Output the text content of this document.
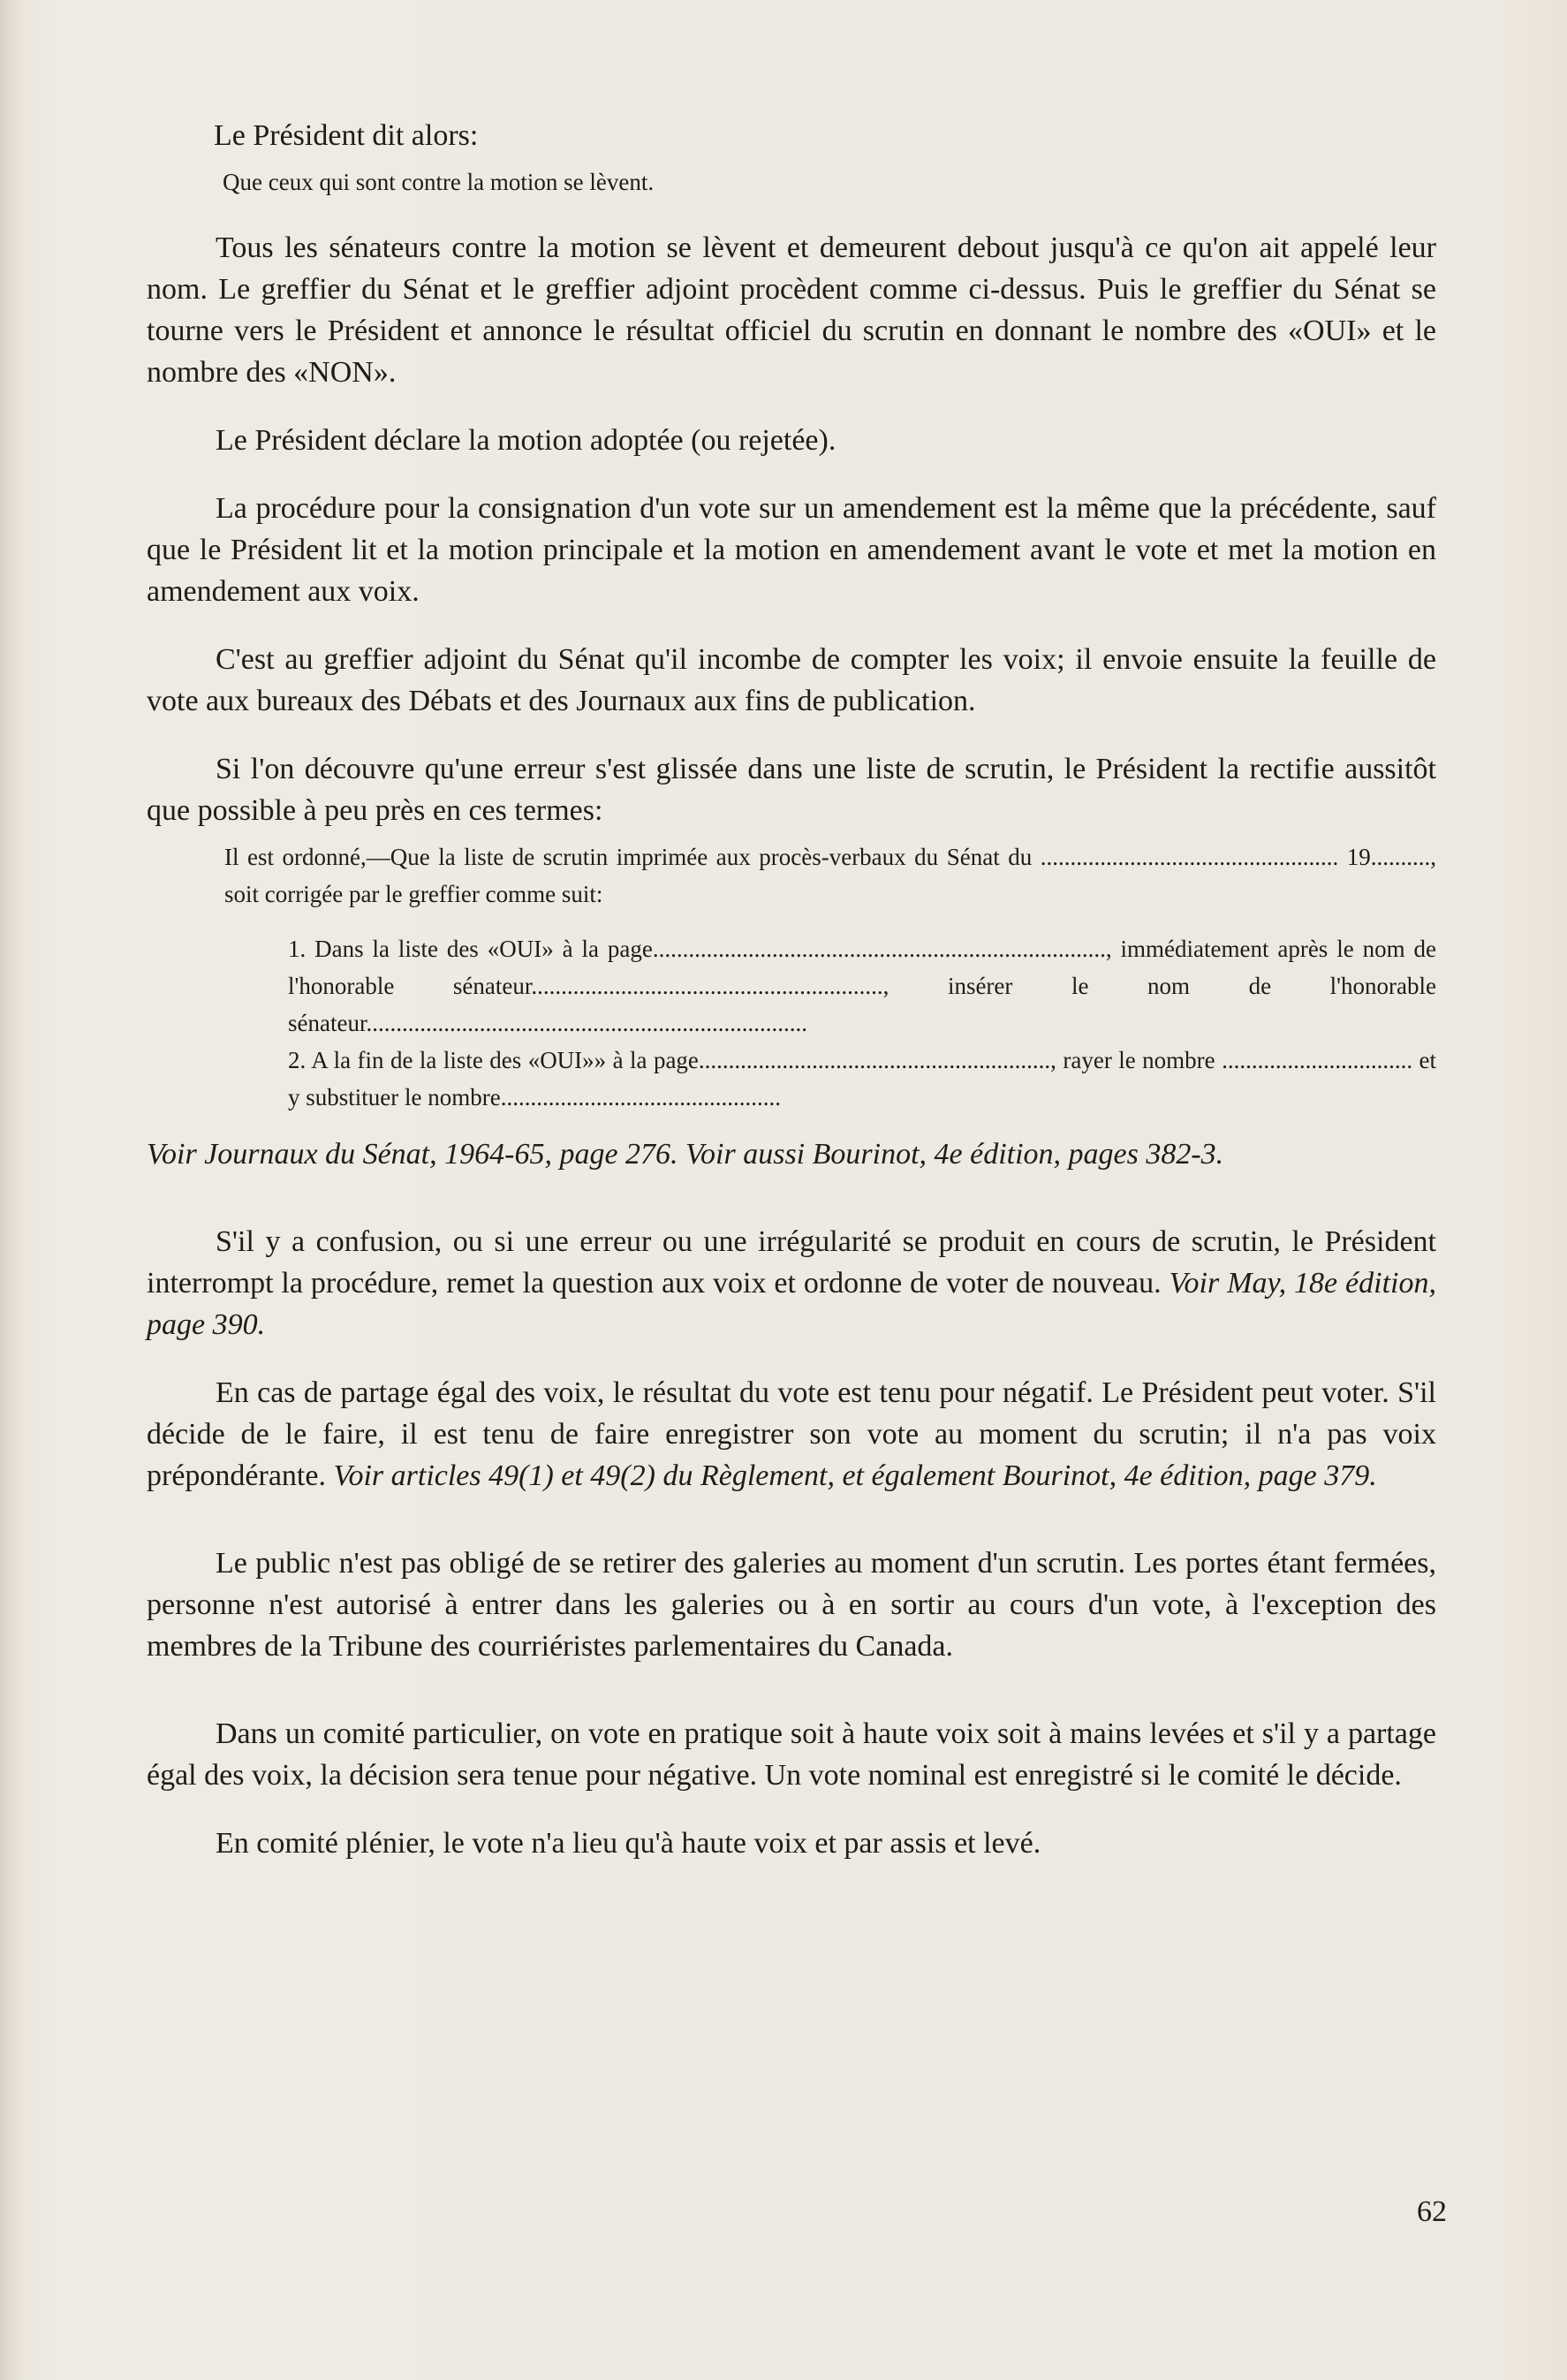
Le Président dit alors:

Que ceux qui sont contre la motion se lèvent.

Tous les sénateurs contre la motion se lèvent et demeurent debout jusqu'à ce qu'on ait appelé leur nom. Le greffier du Sénat et le greffier adjoint procèdent comme ci-dessus. Puis le greffier du Sénat se tourne vers le Président et annonce le résultat officiel du scrutin en donnant le nombre des «OUI» et le nombre des «NON».

Le Président déclare la motion adoptée (ou rejetée).

La procédure pour la consignation d'un vote sur un amendement est la même que la précédente, sauf que le Président lit et la motion principale et la motion en amendement avant le vote et met la motion en amendement aux voix.

C'est au greffier adjoint du Sénat qu'il incombe de compter les voix; il envoie ensuite la feuille de vote aux bureaux des Débats et des Journaux aux fins de publication.

Si l'on découvre qu'une erreur s'est glissée dans une liste de scrutin, le Président la rectifie aussitôt que possible à peu près en ces termes:

Il est ordonné,—Que la liste de scrutin imprimée aux procès-verbaux du Sénat du .................................................. 19.........., soit corrigée par le greffier comme suit:

1. Dans la liste des «OUI» à la page............................................................................, immédiatement après le nom de l'honorable sénateur..........................................................., insérer le nom de l'honorable sénateur..........................................................................

2. A la fin de la liste des «OUI»» à la page..........................................................., rayer le nombre ................................ et y substituer le nombre...............................................

Voir Journaux du Sénat, 1964-65, page 276. Voir aussi Bourinot, 4e édition, pages 382-3.

S'il y a confusion, ou si une erreur ou une irrégularité se produit en cours de scrutin, le Président interrompt la procédure, remet la question aux voix et ordonne de voter de nouveau. Voir May, 18e édition, page 390.

En cas de partage égal des voix, le résultat du vote est tenu pour négatif. Le Président peut voter. S'il décide de le faire, il est tenu de faire enregistrer son vote au moment du scrutin; il n'a pas voix prépondérante. Voir articles 49(1) et 49(2) du Règlement, et également Bourinot, 4e édition, page 379.

Le public n'est pas obligé de se retirer des galeries au moment d'un scrutin. Les portes étant fermées, personne n'est autorisé à entrer dans les galeries ou à en sortir au cours d'un vote, à l'exception des membres de la Tribune des courriéristes parlementaires du Canada.

Dans un comité particulier, on vote en pratique soit à haute voix soit à mains levées et s'il y a partage égal des voix, la décision sera tenue pour négative. Un vote nominal est enregistré si le comité le décide.

En comité plénier, le vote n'a lieu qu'à haute voix et par assis et levé.

62
